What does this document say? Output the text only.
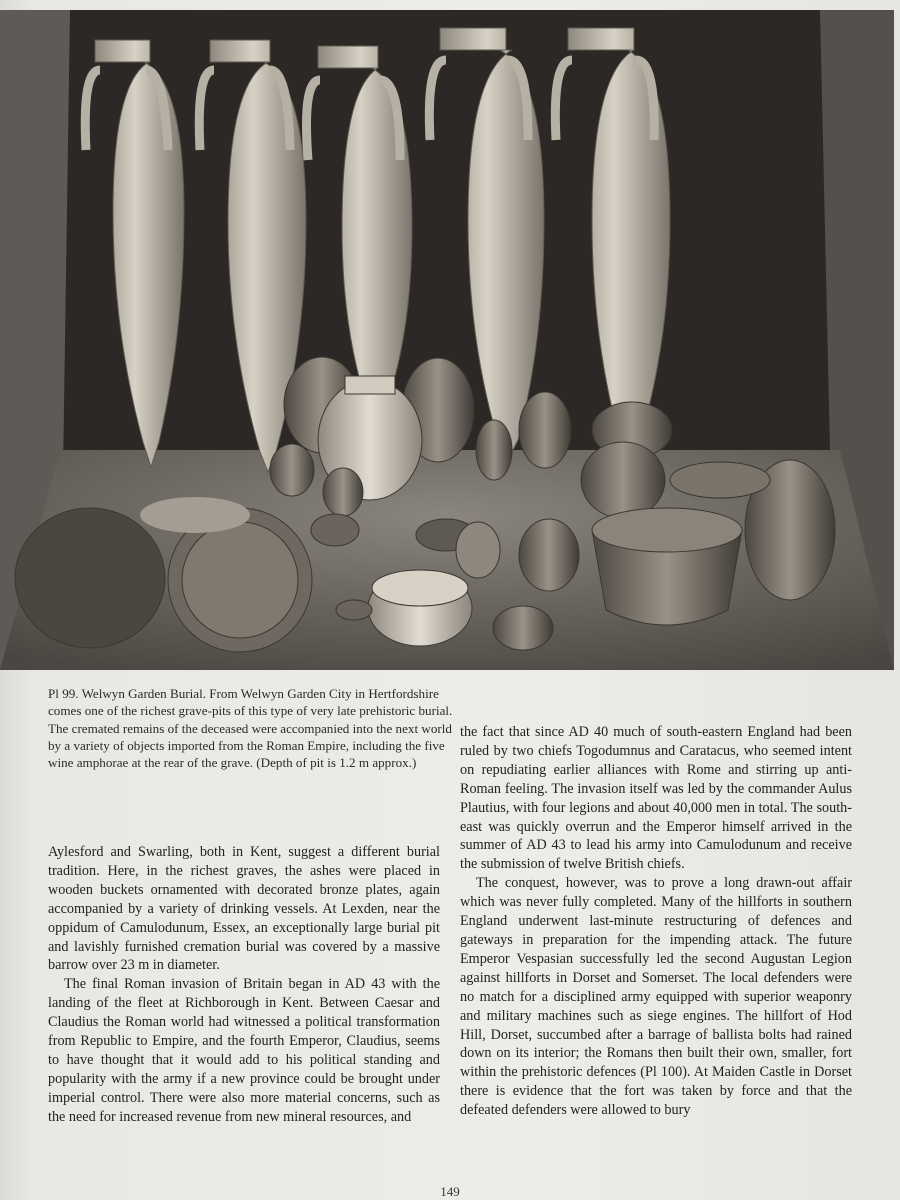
Pl 99. Welwyn Garden Burial. From Welwyn Garden City in Hertfordshire comes one of the richest grave-pits of this type of very late prehistoric burial. The cremated remains of the deceased were accompanied into the next world by a variety of objects imported from the Roman Empire, including the five wine amphorae at the rear of the grave. (Depth of pit is 1.2 m approx.)

Aylesford and Swarling, both in Kent, suggest a different burial tradition. Here, in the richest graves, the ashes were placed in wooden buckets ornamented with decorated bronze plates, again accompanied by a variety of drinking vessels. At Lexden, near the oppidum of Camulodunum, Essex, an exceptionally large burial pit and lavishly furnished cremation burial was covered by a massive barrow over 23 m in diameter.

The final Roman invasion of Britain began in AD 43 with the landing of the fleet at Richborough in Kent. Between Caesar and Claudius the Roman world had witnessed a political transformation from Republic to Empire, and the fourth Emperor, Claudius, seems to have thought that it would add to his political standing and popularity with the army if a new province could be brought under imperial control. There were also more material concerns, such as the need for increased revenue from new mineral resources, and

the fact that since AD 40 much of south-eastern England had been ruled by two chiefs Togodumnus and Caratacus, who seemed intent on repudiating earlier alliances with Rome and stirring up anti-Roman feeling. The invasion itself was led by the commander Aulus Plautius, with four legions and about 40,000 men in total. The south-east was quickly overrun and the Emperor himself arrived in the summer of AD 43 to lead his army into Camulodunum and receive the submission of twelve British chiefs.

The conquest, however, was to prove a long drawn-out affair which was never fully completed. Many of the hillforts in southern England underwent last-minute restructuring of defences and gateways in preparation for the impending attack. The future Emperor Vespasian successfully led the second Augustan Legion against hillforts in Dorset and Somerset. The local defenders were no match for a disciplined army equipped with superior weaponry and military machines such as siege engines. The hillfort of Hod Hill, Dorset, succumbed after a barrage of ballista bolts had rained down on its interior; the Romans then built their own, smaller, fort within the prehistoric defences (Pl 100). At Maiden Castle in Dorset there is evidence that the fort was taken by force and that the defeated defenders were allowed to bury

149
